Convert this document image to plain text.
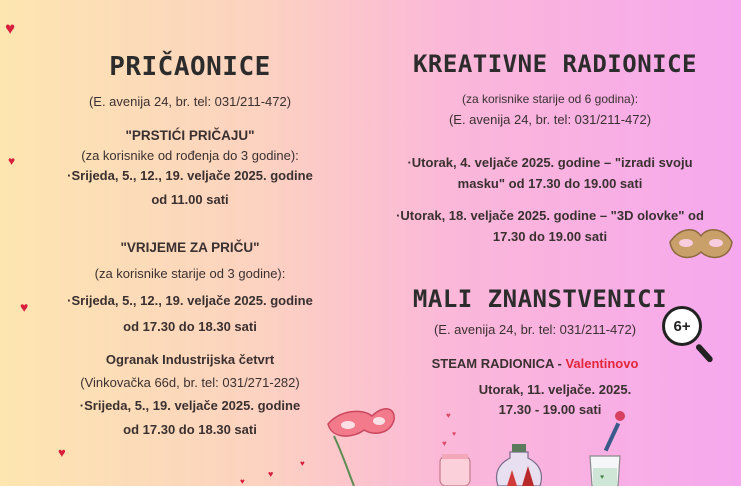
♥
♥
♥
♥
♥
♥
♥
PRIČAONICE
(E. avenija 24, br. tel: 031/211-472)
"PRSTIĆI PRIČAJU"
(za korisnike od rođenja do 3 godine):
·Srijeda, 5., 12., 19. veljače 2025. godine
od 11.00 sati
"VRIJEME ZA PRIČU"
(za korisnike starije od 3 godine):
·Srijeda, 5., 12., 19. veljače 2025. godine
od 17.30 do 18.30 sati
Ogranak Industrijska četvrt
(Vinkovačka 66d, br. tel: 031/271-282)
·Srijeda, 5., 19. veljače 2025. godine
od 17.30 do 18.30 sati
KREATIVNE RADIONICE
(za korisnike starije od 6 godina):
(E. avenija 24, br. tel: 031/211-472)
·Utorak, 4. veljače 2025. godine – "izradi svoju
masku" od 17.30 do 19.00 sati
·Utorak, 18. veljače 2025. godine – "3D olovke" od
17.30 do 19.00 sati
MALI ZNANSTVENICI
(E. avenija 24, br. tel: 031/211-472)	6+
STEAM RADIONICA - Valentinovo
Utorak, 11. veljače. 2025.
17.30 - 19.00 sati
♥
♥
♥
♥
